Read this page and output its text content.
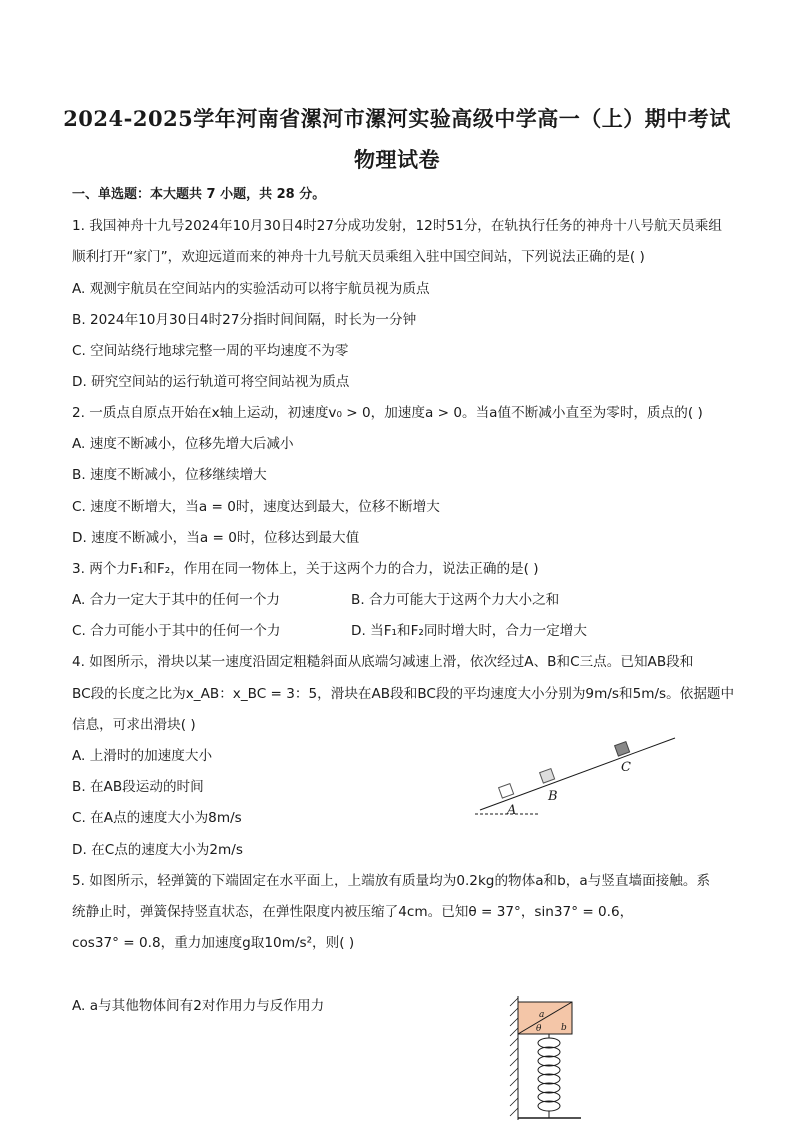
2024-2025学年河南省漯河市漯河实验高级中学高一（上）期中考试
物理试卷
一、单选题：本大题共 7 小题，共 28 分。
1. 我国神舟十九号2024年10月30日4时27分成功发射，12时51分，在轨执行任务的神舟十八号航天员乘组
顺利打开“家门”，欢迎远道而来的神舟十九号航天员乘组入驻中国空间站，下列说法正确的是( )
A. 观测宇航员在空间站内的实验活动可以将宇航员视为质点
B. 2024年10月30日4时27分指时间间隔，时长为一分钟
C. 空间站绕行地球完整一周的平均速度不为零
D. 研究空间站的运行轨道可将空间站视为质点
2. 一质点自原点开始在x轴上运动，初速度v₀ > 0，加速度a > 0。当a值不断减小直至为零时，质点的( )
A. 速度不断减小，位移先增大后减小
B. 速度不断减小，位移继续增大
C. 速度不断增大，当a = 0时，速度达到最大，位移不断增大
D. 速度不断减小，当a = 0时，位移达到最大值
3. 两个力F₁和F₂，作用在同一物体上，关于这两个力的合力，说法正确的是( )
A. 合力一定大于其中的任何一个力	B. 合力可能大于这两个力大小之和
C. 合力可能小于其中的任何一个力	D. 当F₁和F₂同时增大时，合力一定增大
4. 如图所示，滑块以某一速度沿固定粗糙斜面从底端匀减速上滑，依次经过A、B和C三点。已知AB段和
BC段的长度之比为x_AB：x_BC = 3：5，滑块在AB段和BC段的平均速度大小分别为9m/s和5m/s。依据题中
信息，可求出滑块( )
A. 上滑时的加速度大小
B. 在AB段运动的时间
C. 在A点的速度大小为8m/s
D. 在C点的速度大小为2m/s
A
B
C
5. 如图所示，轻弹簧的下端固定在水平面上，上端放有质量均为0.2kg的物体a和b，a与竖直墙面接触。系
统静止时，弹簧保持竖直状态，在弹性限度内被压缩了4cm。已知θ = 37°，sin37° = 0.6，
cos37° = 0.8，重力加速度g取10m/s²，则( )
A. a与其他物体间有2对作用力与反作用力
a
θ b
